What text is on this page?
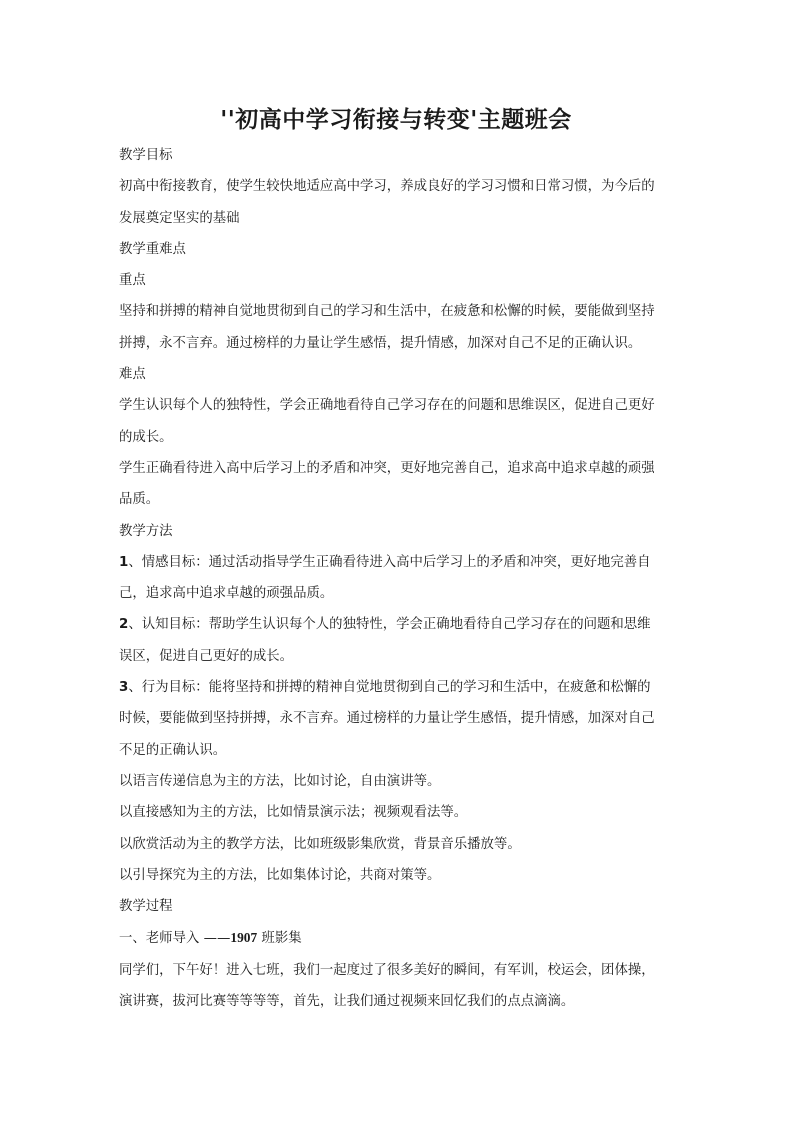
''初高中学习衔接与转变'主题班会

教学目标

初高中衔接教育，使学生较快地适应高中学习，养成良好的学习习惯和日常习惯，为今后的

发展奠定坚实的基础

教学重难点

重点

坚持和拼搏的精神自觉地贯彻到自己的学习和生活中，在疲惫和松懈的时候，要能做到坚持

拼搏，永不言弃。通过榜样的力量让学生感悟，提升情感，加深对自己不足的正确认识。

难点

学生认识每个人的独特性，学会正确地看待自己学习存在的问题和思维误区，促进自己更好

的成长。

学生正确看待进入高中后学习上的矛盾和冲突，更好地完善自己，追求高中追求卓越的顽强

品质。

教学方法

1、情感目标：通过活动指导学生正确看待进入高中后学习上的矛盾和冲突，更好地完善自

己，追求高中追求卓越的顽强品质。

2、认知目标：帮助学生认识每个人的独特性，学会正确地看待自己学习存在的问题和思维

误区，促进自己更好的成长。

3、行为目标：能将坚持和拼搏的精神自觉地贯彻到自己的学习和生活中，在疲惫和松懈的

时候，要能做到坚持拼搏，永不言弃。通过榜样的力量让学生感悟，提升情感，加深对自己

不足的正确认识。

以语言传递信息为主的方法，比如讨论，自由演讲等。

以直接感知为主的方法，比如情景演示法；视频观看法等。

以欣赏活动为主的教学方法，比如班级影集欣赏，背景音乐播放等。

以引导探究为主的方法，比如集体讨论，共商对策等。

教学过程

一、老师导入 ——1907 班影集

同学们，下午好！进入七班，我们一起度过了很多美好的瞬间，有军训，校运会，团体操，

演讲赛，拔河比赛等等等等，首先，让我们通过视频来回忆我们的点点滴滴。
